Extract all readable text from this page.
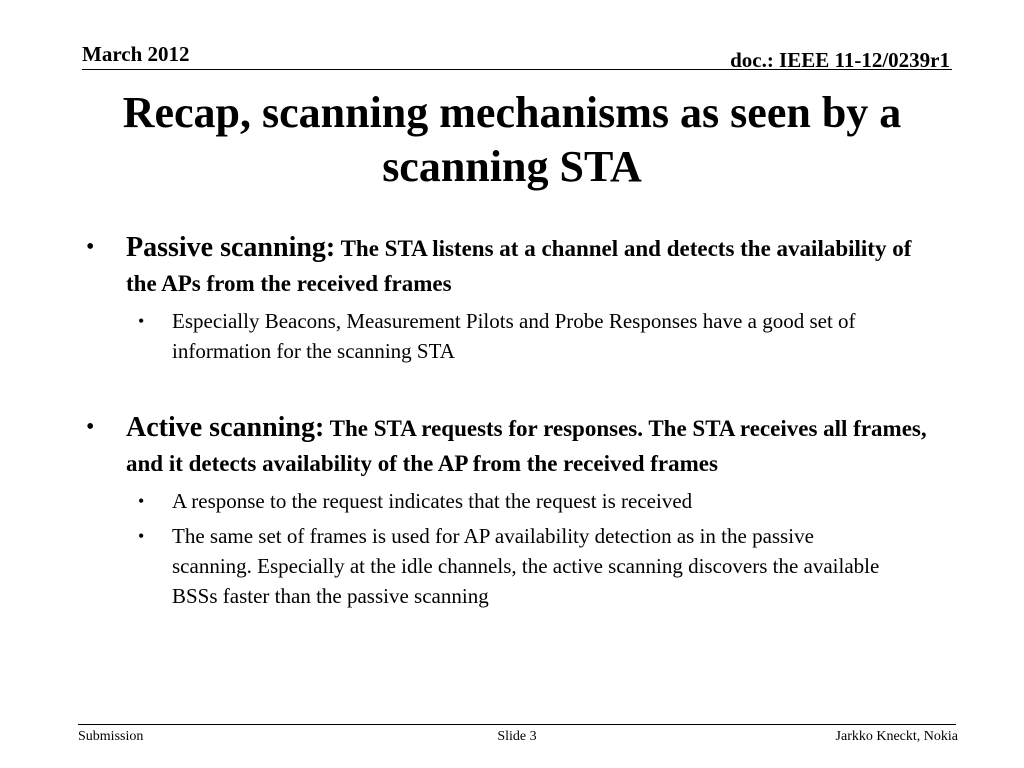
March 2012	doc.: IEEE 11-12/0239r1
Recap, scanning mechanisms as seen by a scanning STA
• Passive scanning: The STA listens at a channel and detects the availability of the APs from the received frames
• Especially Beacons, Measurement Pilots and Probe Responses have a good set of information for the scanning STA
• Active scanning: The STA requests for responses. The STA receives all frames, and it detects availability of the AP from the received frames
• A response to the request indicates that the request is received
• The same set of frames is used for AP availability detection as in the passive scanning. Especially at the idle channels, the active scanning discovers the available BSSs faster than the passive scanning
Submission	Slide 3	Jarkko Kneckt, Nokia
